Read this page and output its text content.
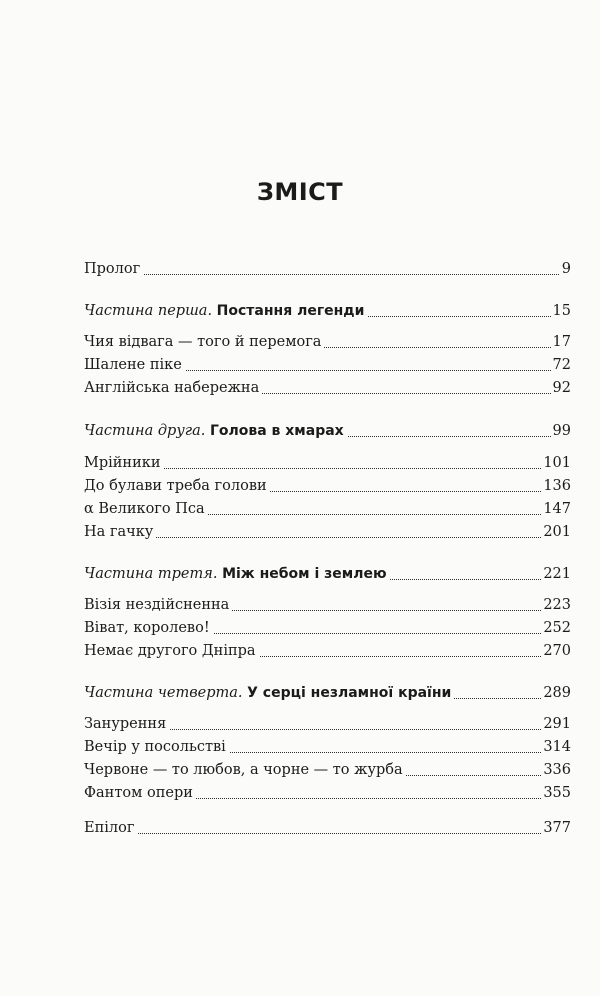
ЗМІСТ
Пролог	9
Частина перша. Постання легенди	15
Чия відвага — того й перемога	17
Шалене піке	72
Англійська набережна	92
Частина друга. Голова в хмарах	99
Мрійники	101
До булави треба голови	136
α Великого Пса	147
На гачку	201
Частина третя. Між небом і землею	221
Візія нездійсненна	223
Віват, королево!	252
Немає другого Дніпра	270
Частина четверта. У серці незламної країни	289
Занурення	291
Вечір у посольстві	314
Червоне — то любов, а чорне — то журба	336
Фантом опери	355
Епілог	377
